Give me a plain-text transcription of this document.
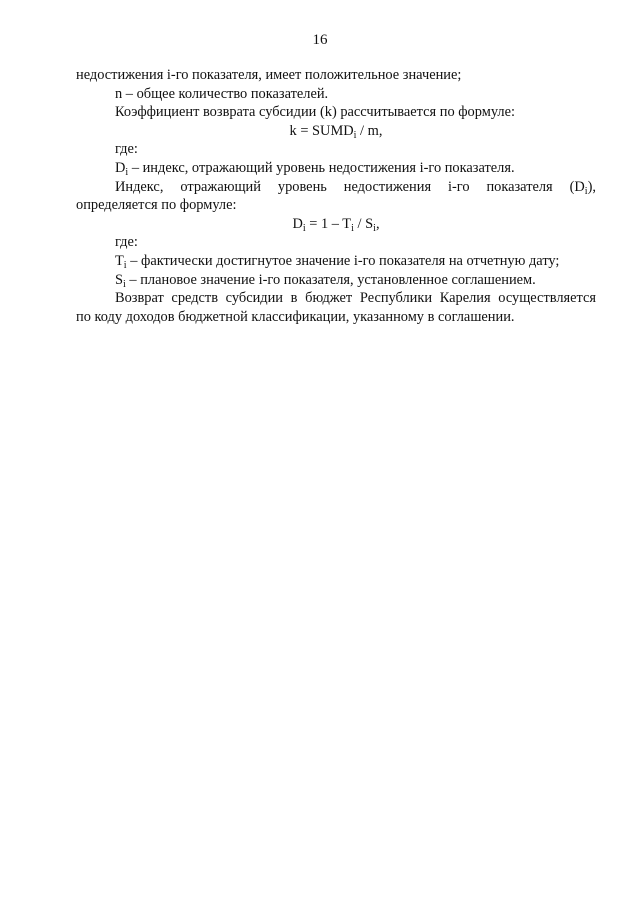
16

недостижения i-го показателя, имеет положительное значение;

n – общее количество показателей.

Коэффициент возврата субсидии (k) рассчитывается по формуле:

$k = SUMD_i / m$,

где:

$D_i$ – индекс, отражающий уровень недостижения i-го показателя.

Индекс, отражающий уровень недостижения i-го показателя $(D_i)$,

определяется по формуле:

$D_i = 1 - T_i / S_i$,

где:

$T_i$ – фактически достигнутое значение i-го показателя на отчетную дату;

$S_i$ – плановое значение i-го показателя, установленное соглашением.

Возврат средств субсидии в бюджет Республики Карелия осуществляется

по коду доходов бюджетной классификации, указанному в соглашении.
